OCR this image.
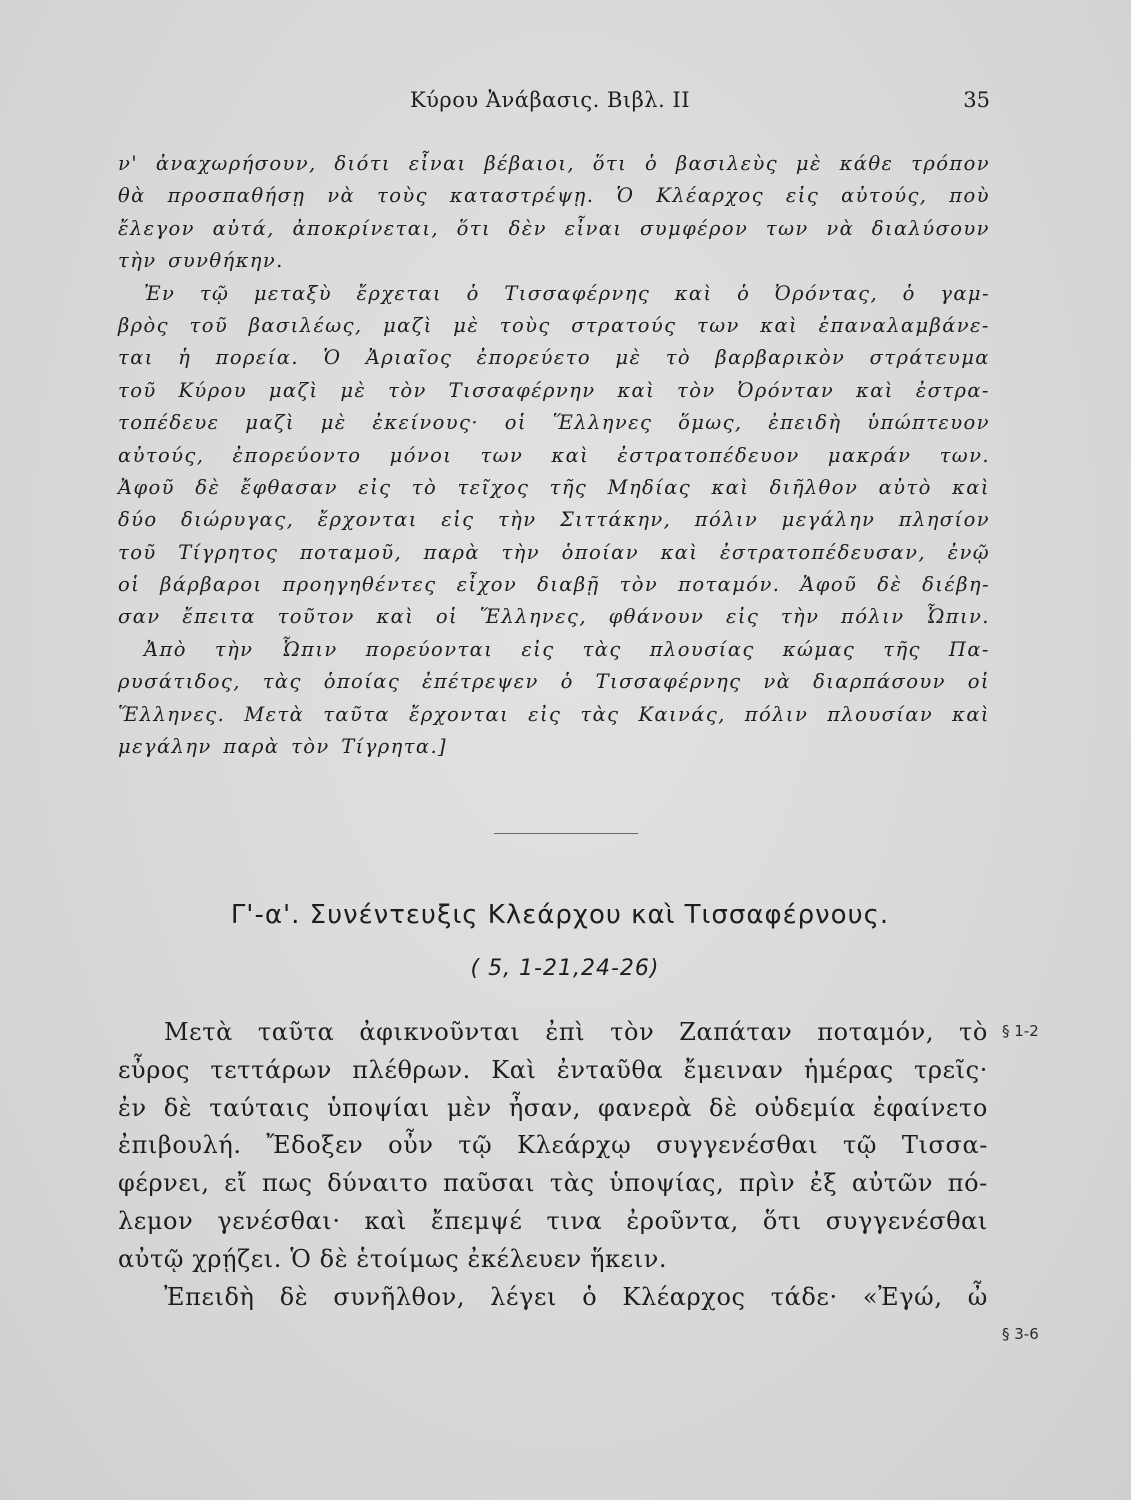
Κύρου Ἀνάβασις. Βιβλ. II	35
ν' ἀναχωρήσουν, διότι εἶναι βέβαιοι, ὅτι ὁ βασιλεὺς μὲ κάθε τρόπον
θὰ προσπαθήσῃ νὰ τοὺς καταστρέψῃ. Ὁ Κλέαρχος εἰς αὐτούς, ποὺ
ἔλεγον αὐτά, ἀποκρίνεται, ὅτι δὲν εἶναι συμφέρον των νὰ διαλύσουν
τὴν συνθήκην.
Ἐν τῷ μεταξὺ ἔρχεται ὁ Τισσαφέρνης καὶ ὁ Ὀρόντας, ὁ γαμ-
βρὸς τοῦ βασιλέως, μαζὶ μὲ τοὺς στρατούς των καὶ ἐπαναλαμβάνε-
ται ἡ πορεία. Ὁ Ἀριαῖος ἐπορεύετο μὲ τὸ βαρβαρικὸν στράτευμα
τοῦ Κύρου μαζὶ μὲ τὸν Τισσαφέρνην καὶ τὸν Ὀρόνταν καὶ ἐστρα-
τοπέδευε μαζὶ μὲ ἐκείνους· οἱ Ἕλληνες ὅμως, ἐπειδὴ ὑπώπτευον
αὐτούς, ἐπορεύοντο μόνοι των καὶ ἐστρατοπέδευον μακράν των.
Ἀφοῦ δὲ ἔφθασαν εἰς τὸ τεῖχος τῆς Μηδίας καὶ διῆλθον αὐτὸ καὶ
δύο διώρυγας, ἔρχονται εἰς τὴν Σιττάκην, πόλιν μεγάλην πλησίον
τοῦ Τίγρητος ποταμοῦ, παρὰ τὴν ὁποίαν καὶ ἐστρατοπέδευσαν, ἐνῷ
οἱ βάρβαροι προηγηθέντες εἶχον διαβῇ τὸν ποταμόν. Ἀφοῦ δὲ διέβη-
σαν ἔπειτα τοῦτον καὶ οἱ Ἕλληνες, φθάνουν εἰς τὴν πόλιν Ὦπιν.
Ἀπὸ τὴν Ὦπιν πορεύονται εἰς τὰς πλουσίας κώμας τῆς Πα-
ρυσάτιδος, τὰς ὁποίας ἐπέτρεψεν ὁ Τισσαφέρνης νὰ διαρπάσουν οἱ
Ἕλληνες. Μετὰ ταῦτα ἔρχονται εἰς τὰς Καινάς, πόλιν πλουσίαν καὶ
μεγάλην παρὰ τὸν Τίγρητα.]
Γ'-α'. Συνέντευξις Κλεάρχου καὶ Τισσαφέρνους.
( 5, 1-21,24-26)
Μετὰ ταῦτα ἀφικνοῦνται ἐπὶ τὸν Ζαπάταν ποταμόν, τὸ
εὖρος τεττάρων πλέθρων. Καὶ ἐνταῦθα ἔμειναν ἡμέρας τρεῖς·
ἐν δὲ ταύταις ὑποψίαι μὲν ἦσαν, φανερὰ δὲ οὐδεμία ἐφαίνετο
ἐπιβουλή. Ἔδοξεν οὖν τῷ Κλεάρχῳ συγγενέσθαι τῷ Τισσα-
φέρνει, εἴ πως δύναιτο παῦσαι τὰς ὑποψίας, πρὶν ἐξ αὐτῶν πό-
λεμον γενέσθαι· καὶ ἔπεμψέ τινα ἐροῦντα, ὅτι συγγενέσθαι
αὐτῷ χρῄζει. Ὁ δὲ ἑτοίμως ἐκέλευεν ἥκειν.
Ἐπειδὴ δὲ συνῆλθον, λέγει ὁ Κλέαρχος τάδε· «Ἐγώ, ὦ
§ 1-2
§ 3-6
